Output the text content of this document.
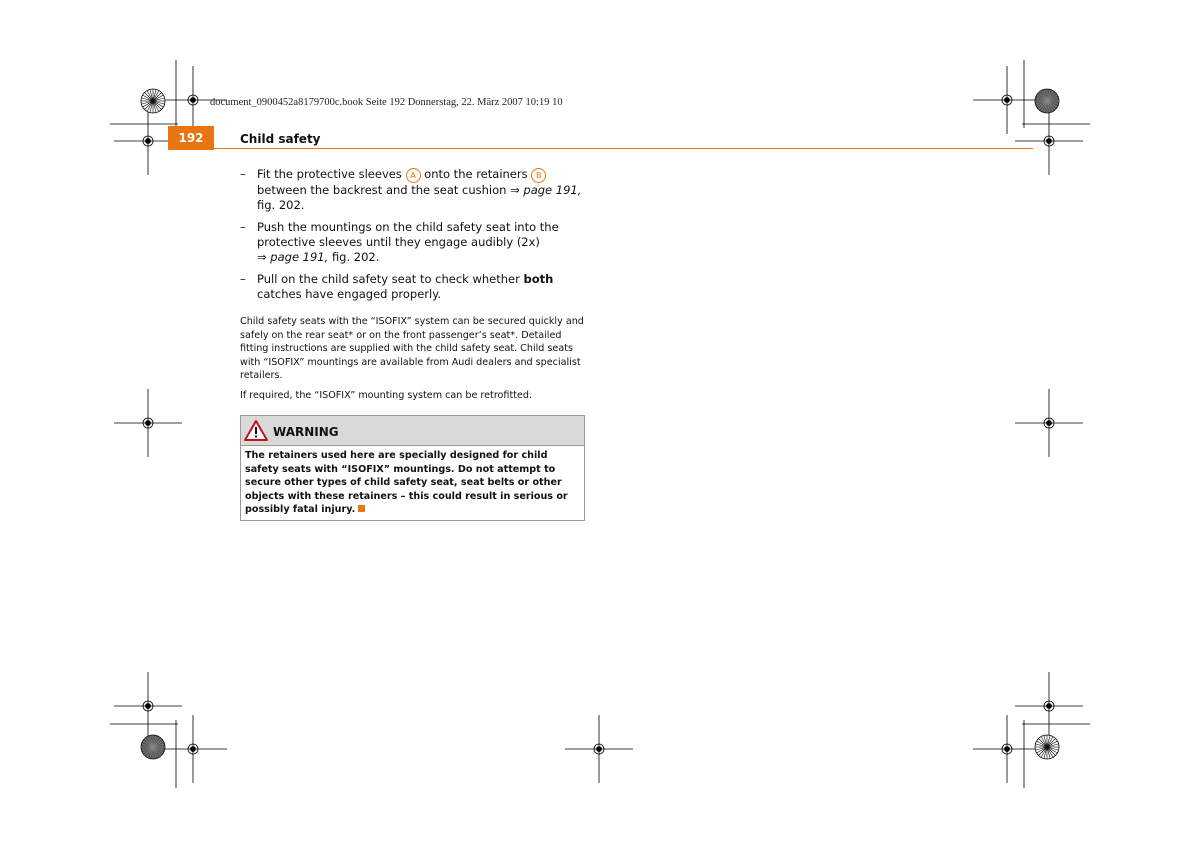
document_0900452a8179700c.book Seite 192 Donnerstag, 22. März 2007 10:19 10
192	Child safety
– Fit the protective sleeves A onto the retainers B between the backrest and the seat cushion ⇒ page 191, fig. 202.
– Push the mountings on the child safety seat into the protective sleeves until they engage audibly (2x)
⇒ page 191, fig. 202.
– Pull on the child safety seat to check whether both catches have engaged properly.
Child safety seats with the “ISOFIX” system can be secured quickly and safely on the rear seat* or on the front passenger’s seat*. Detailed fitting instructions are supplied with the child safety seat. Child seats with “ISOFIX” mountings are available from Audi dealers and specialist retailers.
If required, the “ISOFIX” mounting system can be retrofitted.
WARNING
The retainers used here are specially designed for child safety seats with “ISOFIX” mountings. Do not attempt to secure other types of child safety seat, seat belts or other objects with these retainers – this could result in serious or possibly fatal injury.
